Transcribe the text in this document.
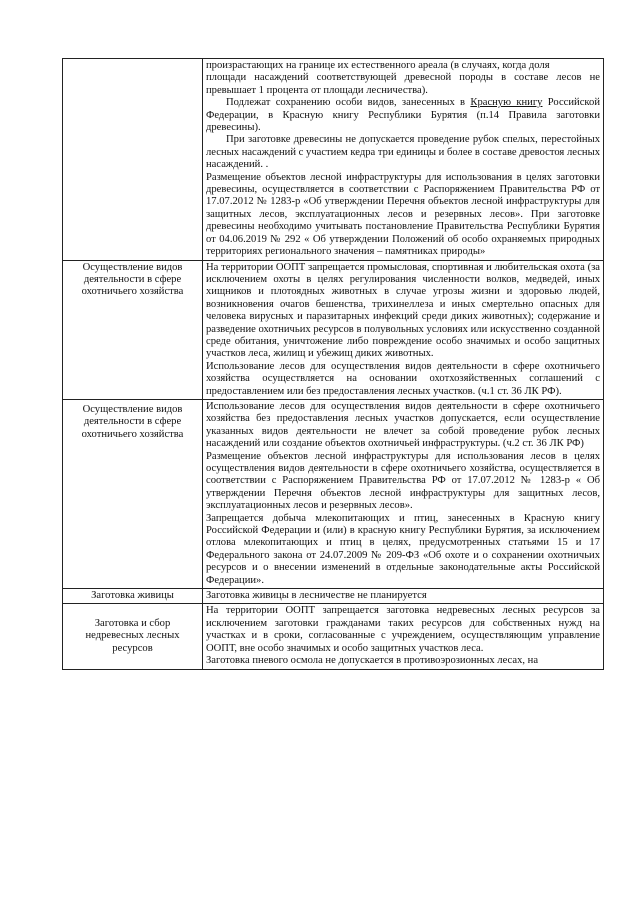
	произрастающих на границе их естественного ареала (в случаях, когда доля

площади насаждений соответствующей древесной породы в составе лесов не превышает 1 процента от площади лесничества).

Подлежат сохранению особи видов, занесенных в Красную книгу Российской Федерации, в Красную книгу Республики Бурятия (п.14 Правила заготовки древесины).

При заготовке древесины не допускается проведение рубок спелых, перестойных лесных насаждений с участием кедра три единицы и более в составе древостоя лесных насаждений. .

Размещение объектов лесной инфраструктуры для использования в целях заготовки древесины, осуществляется в соответствии с Распоряжением Правительства РФ от 17.07.2012 № 1283-р «Об утверждении Перечня объектов лесной инфраструктуры для защитных лесов, эксплуатационных лесов и резервных лесов». При заготовке древесины необходимо учитывать постановление Правительства Республики Бурятия от 04.06.2019 № 292 « Об утверждении Положений об особо охраняемых природных территориях регионального значения – памятниках природы»

Осуществление видов деятельности в сфере охотничьего хозяйства	На территории ООПТ запрещается промысловая, спортивная и любительская охота (за исключением охоты в целях регулирования численности волков, медведей, иных хищников и плотоядных животных в случае угрозы жизни и здоровью людей, возникновения очагов бешенства, трихинеллеза и иных смертельно опасных для человека вирусных и паразитарных инфекций среди диких животных); содержание и разведение охотничьих ресурсов в полувольных условиях или искусственно созданной среде обитания, уничтожение либо повреждение особо значимых и особо защитных участков леса, жилищ и убежищ диких животных.

Использование лесов для осуществления видов деятельности в сфере охотничьего хозяйства осуществляется на основании охотхозяйственных соглашений с предоставлением или без предоставления лесных участков. (ч.1 ст. 36 ЛК РФ).

Осуществление видов деятельности в сфере охотничьего хозяйства	Использование лесов для осуществления видов деятельности в сфере охотничьего хозяйства без предоставления лесных участков допускается, если осуществление указанных видов деятельности не влечет за собой проведение рубок лесных насаждений или создание объектов охотничьей инфраструктуры. (ч.2 ст. 36 ЛК РФ)

Размещение объектов лесной инфраструктуры для использования лесов в целях осуществления видов деятельности в сфере охотничьего хозяйства, осуществляется в соответствии с Распоряжением Правительства РФ от 17.07.2012 № 1283-р « Об утверждении Перечня объектов лесной инфраструктуры для защитных лесов, эксплуатационных лесов и резервных лесов».

Запрещается добыча млекопитающих и птиц, занесенных в Красную книгу Российской Федерации и (или) в красную книгу Республики Бурятия, за исключением отлова млекопитающих и птиц в целях, предусмотренных статьями 15 и 17 Федерального закона от 24.07.2009 № 209-ФЗ «Об охоте и о сохранении охотничьих ресурсов и о внесении изменений в отдельные законодательные акты Российской Федерации».

Заготовка живицы	Заготовка живицы в лесничестве не планируется

Заготовка и сбор недревесных лесных ресурсов	На территории ООПТ запрещается заготовка недревесных лесных ресурсов за исключением заготовки гражданами таких ресурсов для собственных нужд на участках и в сроки, согласованные с учреждением, осуществляющим управление ООПТ, вне особо значимых и особо защитных участков леса.

Заготовка пневого осмола не допускается в противоэрозионных лесах, на
